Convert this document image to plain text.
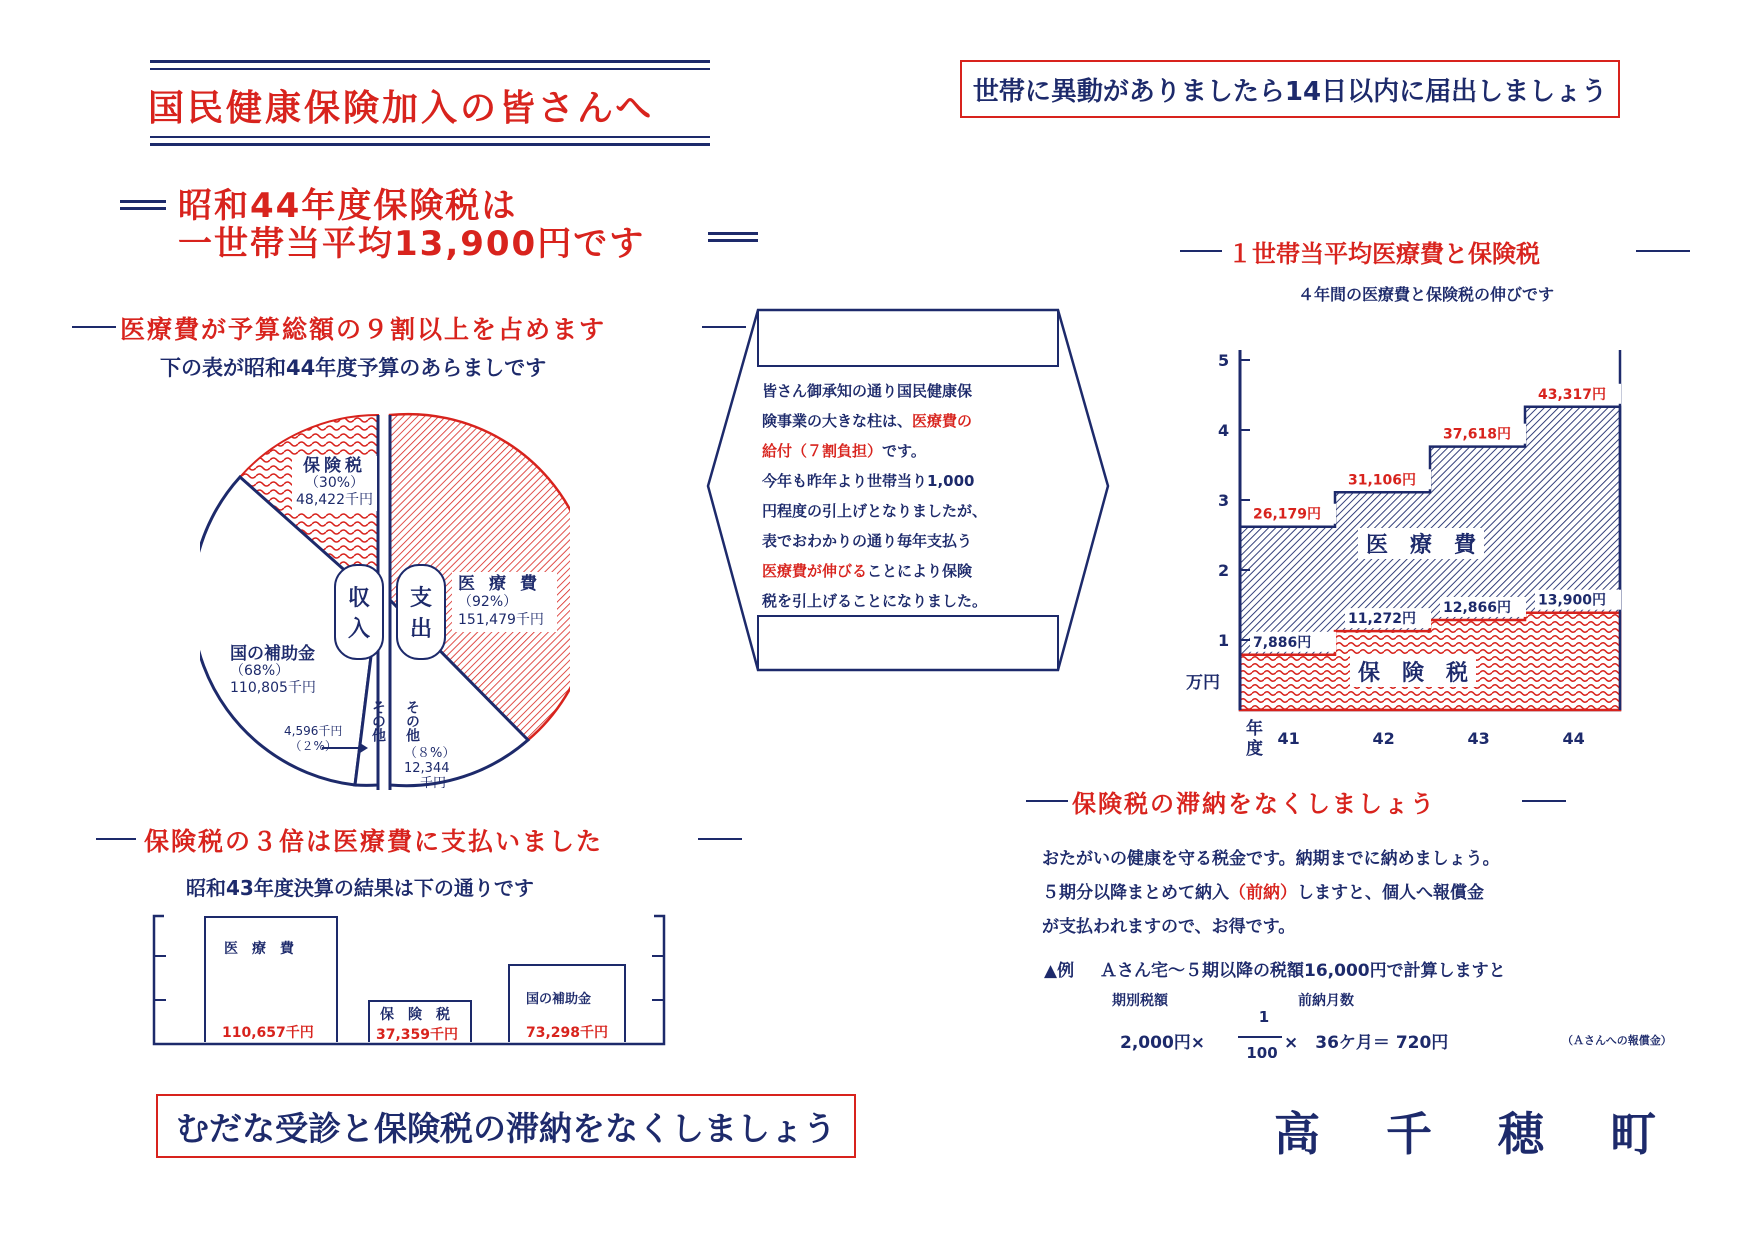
国民健康保険加入の皆さんへ	世帯に異動がありましたら14日以内に届出しましょう
昭和44年度保険税は
一世帯当平均13,900円です
医療費が予算総額の９割以上を占めます
下の表が昭和44年度予算のあらましです
保険税
（30%）
48,422千円
国の補助金
（68%）
110,805千円
4,596千円
（２%）
その他
収
入
支
出
医療費
（92%）
151,479千円
その他
（８%）
12,344
千円
皆さん御承知の通り国民健康保
険事業の大きな柱は、医療費の
給付（７割負担）です。
今年も昨年より世帯当り1,000
円程度の引上げとなりましたが、
表でおわかりの通り毎年支払う
医療費が伸びることにより保険
税を引上げることになりました。
保険税の３倍は医療費に支払いました
昭和43年度決算の結果は下の通りです
医　療　費
110,657千円
保　険　税
37,359千円
国の補助金
73,298千円
むだな受診と保険税の滞納をなくしましょう	高　千　穂　町
１世帯当平均医療費と保険税
４年間の医療費と保険税の伸びです
1
2
3
4
5
41	42	43	44
26,179円
31,106円
37,618円
43,317円
7,886円
11,272円
12,866円 13,900円
医　療　費
保　険　税
万円
年
度
保険税の滞納をなくしましょう
おたがいの健康を守る税金です。納期までに納めましょう。
５期分以降まとめて納入（前納）しますと、個人へ報償金
が支払われますので、お得です。
▲例 Ａさん宅～５期以降の税額16,000円で計算しますと
期別税額	前納月数
2,000円×
1
100 ×　36ケ月＝ 720円	（Ａさんへの報償金）
